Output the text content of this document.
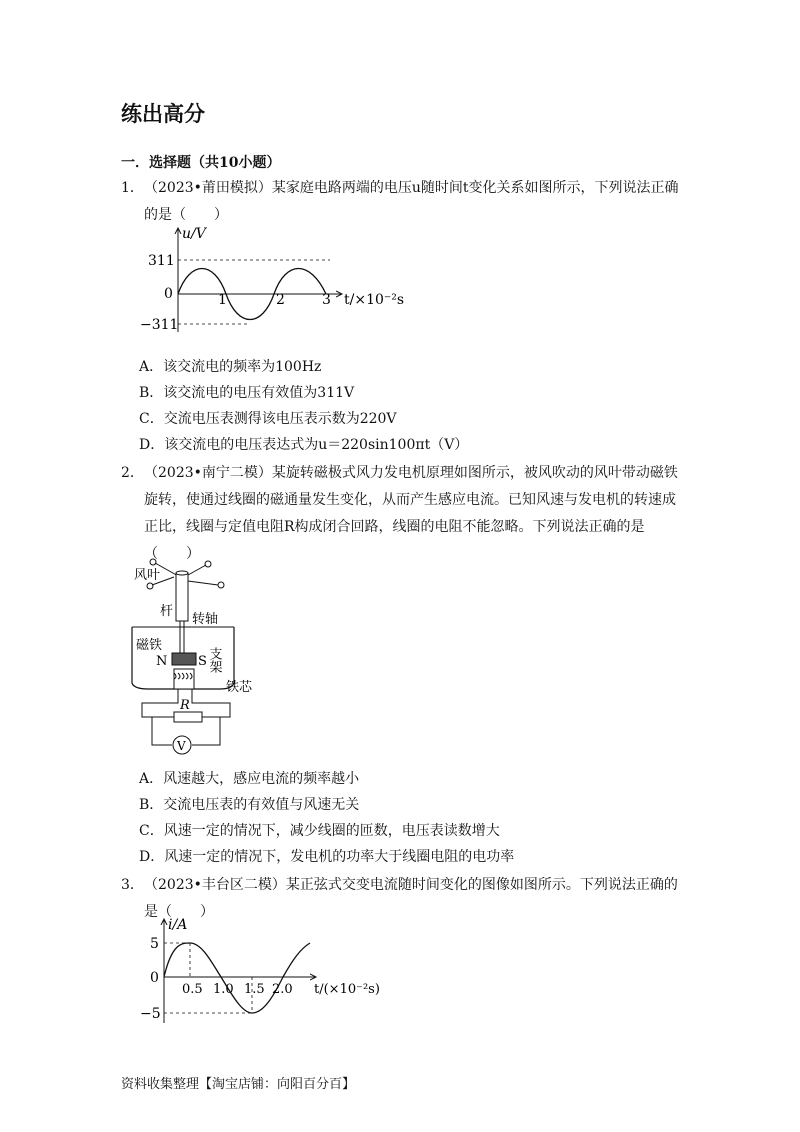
练出高分
一．选择题（共10小题）
1． （2023•莆田模拟）某家庭电路两端的电压u随时间t变化关系如图所示，下列说法正确的是（　　）
u/V
311
0
−311
1	2	3 t/×10⁻²s
A．该交流电的频率为100Hz
B．该交流电的电压有效值为311V
C．交流电压表测得该电压表示数为220V
D．该交流电的电压表达式为u＝220sin100πt（V）
2． （2023•南宁二模）某旋转磁极式风力发电机原理如图所示，被风吹动的风叶带动磁铁旋转，使通过线圈的磁通量发生变化，从而产生感应电流。已知风速与发电机的转速成正比，线圈与定值电阻R构成闭合回路，线圈的电阻不能忽略。下列说法正确的是（　　）
风叶
杆
转轴
磁铁
N S 支架
铁芯
R
V
A．风速越大，感应电流的频率越小
B．交流电压表的有效值与风速无关
C．风速一定的情况下，减少线圈的匝数，电压表读数增大
D．风速一定的情况下，发电机的功率大于线圈电阻的电功率
3． （2023•丰台区二模）某正弦式交变电流随时间变化的图像如图所示。下列说法正确的是（　　）
i/A
5
0
−5
0.5 1.0 1.5 2.0 t/(×10⁻²s)
资料收集整理【淘宝店铺：向阳百分百】
